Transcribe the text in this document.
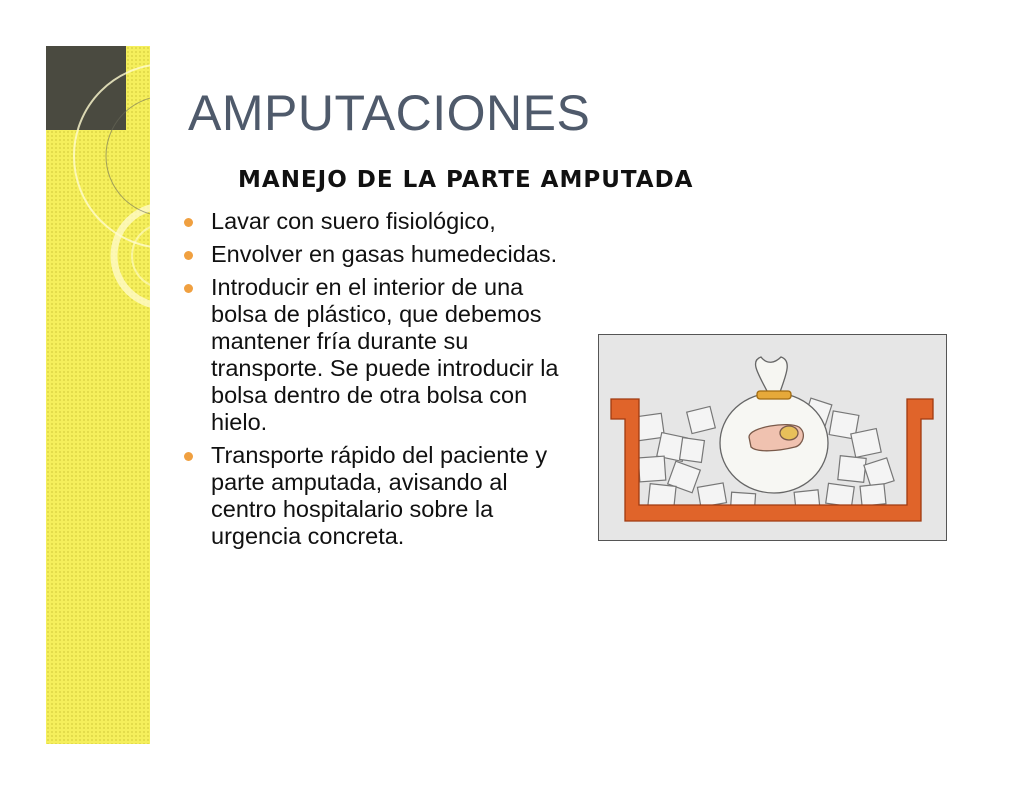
AMPUTACIONES
MANEJO DE LA PARTE AMPUTADA
Lavar con suero fisiológico,
Envolver en gasas humedecidas.
Introducir en el interior de una bolsa de plástico, que debemos mantener fría durante su transporte. Se puede introducir la bolsa dentro de otra bolsa con hielo.
Transporte rápido del paciente y parte amputada, avisando al centro hospitalario sobre la urgencia concreta.
